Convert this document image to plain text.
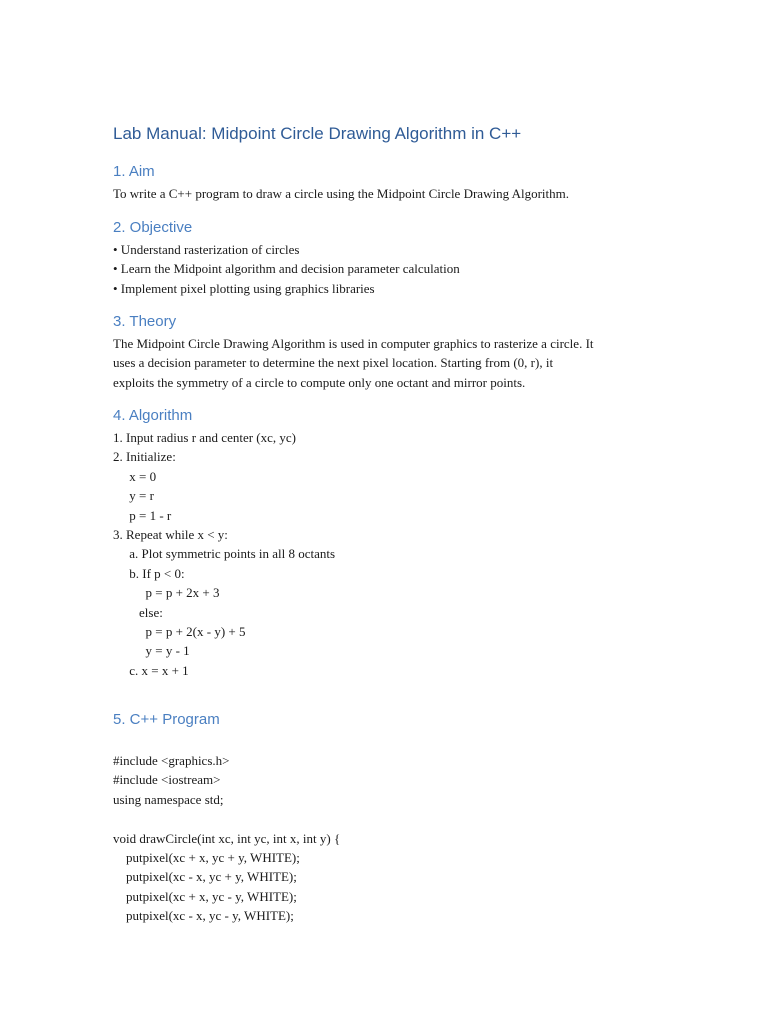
Lab Manual: Midpoint Circle Drawing Algorithm in C++
1. Aim

To write a C++ program to draw a circle using the Midpoint Circle Drawing Algorithm.

2. Objective
• Understand rasterization of circles
• Learn the Midpoint algorithm and decision parameter calculation
• Implement pixel plotting using graphics libraries
3. Theory
The Midpoint Circle Drawing Algorithm is used in computer graphics to rasterize a circle. It
uses a decision parameter to determine the next pixel location. Starting from (0, r), it
exploits the symmetry of a circle to compute only one octant and mirror points.
4. Algorithm
1. Input radius r and center (xc, yc)
2. Initialize:
x = 0
y = r
p = 1 - r
3. Repeat while x < y:
a. Plot symmetric points in all 8 octants
b. If p < 0:
p = p + 2x + 3
else:
p = p + 2(x - y) + 5
y = y - 1
c. x = x + 1
5. C++ Program
#include <graphics.h>
#include <iostream>
using namespace std;
void drawCircle(int xc, int yc, int x, int y) {
putpixel(xc + x, yc + y, WHITE);
putpixel(xc - x, yc + y, WHITE);
putpixel(xc + x, yc - y, WHITE);
putpixel(xc - x, yc - y, WHITE);
